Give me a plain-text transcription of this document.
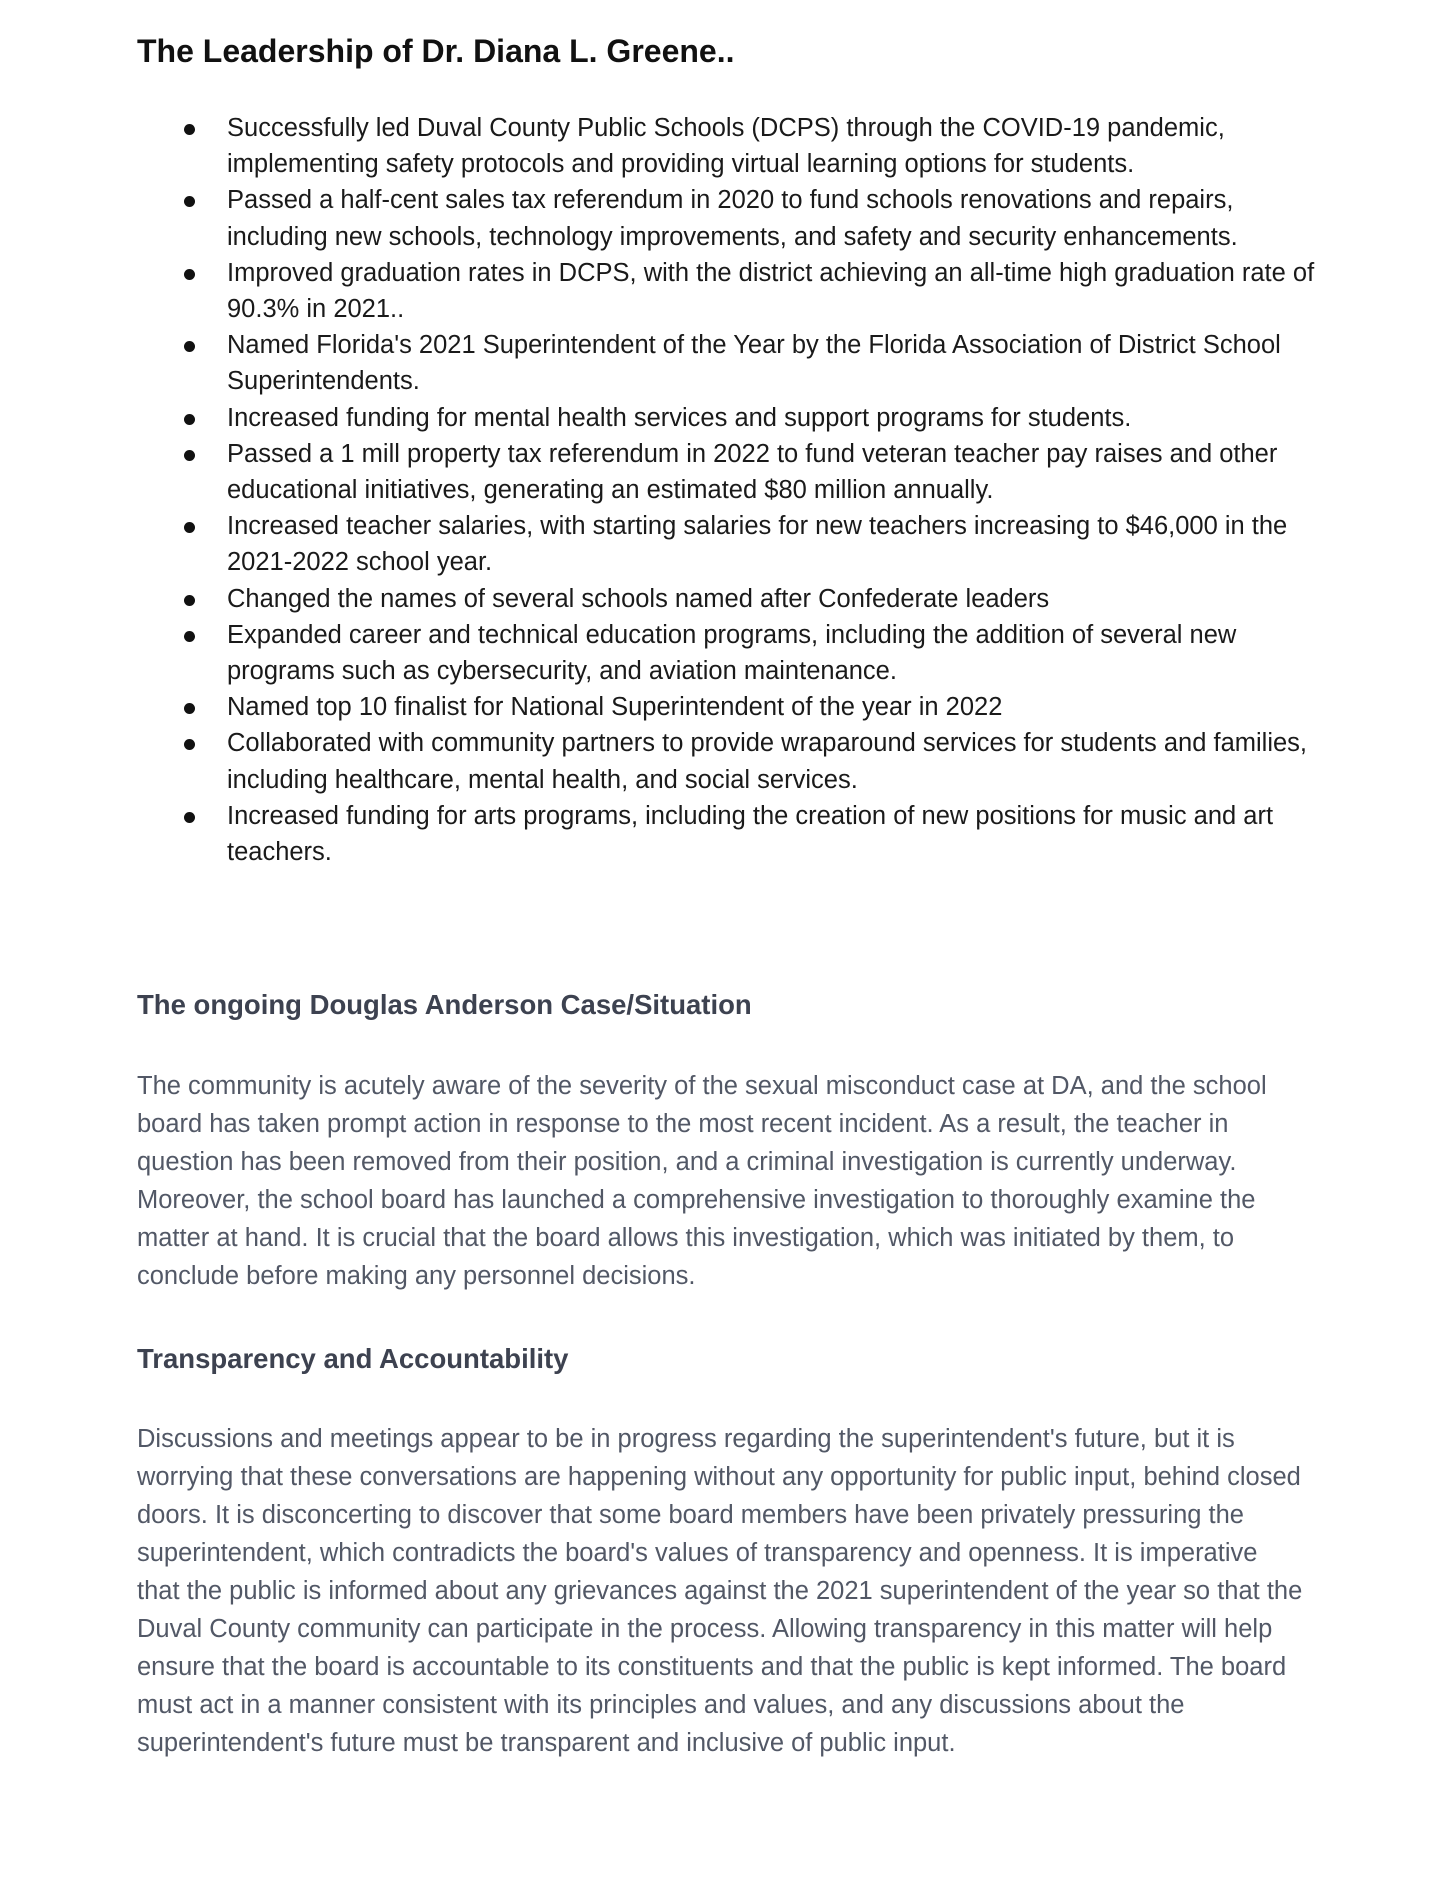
The Leadership of Dr. Diana L. Greene..
Successfully led Duval County Public Schools (DCPS) through the COVID-19 pandemic, implementing safety protocols and providing virtual learning options for students.
Passed a half-cent sales tax referendum in 2020 to fund schools renovations and repairs, including new schools, technology improvements, and safety and security enhancements.
Improved graduation rates in DCPS, with the district achieving an all-time high graduation rate of 90.3% in 2021..
Named Florida's 2021 Superintendent of the Year by the Florida Association of District School Superintendents.
Increased funding for mental health services and support programs for students.
Passed a 1 mill property tax referendum in 2022 to fund veteran teacher pay raises and other educational initiatives, generating an estimated $80 million annually.
Increased teacher salaries, with starting salaries for new teachers increasing to $46,000 in the 2021-2022 school year.
Changed the names of several schools named after Confederate leaders
Expanded career and technical education programs, including the addition of several new programs such as cybersecurity, and aviation maintenance.
Named top 10 finalist for National Superintendent of the year in 2022
Collaborated with community partners to provide wraparound services for students and families, including healthcare, mental health, and social services.
Increased funding for arts programs, including the creation of new positions for music and art teachers.
The ongoing Douglas Anderson Case/Situation

The community is acutely aware of the severity of the sexual misconduct case at DA, and the school board has taken prompt action in response to the most recent incident. As a result, the teacher in question has been removed from their position, and a criminal investigation is currently underway. Moreover, the school board has launched a comprehensive investigation to thoroughly examine the matter at hand. It is crucial that the board allows this investigation, which was initiated by them, to conclude before making any personnel decisions.

Transparency and Accountability

Discussions and meetings appear to be in progress regarding the superintendent's future, but it is worrying that these conversations are happening without any opportunity for public input, behind closed doors. It is disconcerting to discover that some board members have been privately pressuring the superintendent, which contradicts the board's values of transparency and openness. It is imperative that the public is informed about any grievances against the 2021 superintendent of the year so that the Duval County community can participate in the process. Allowing transparency in this matter will help ensure that the board is accountable to its constituents and that the public is kept informed. The board must act in a manner consistent with its principles and values, and any discussions about the superintendent's future must be transparent and inclusive of public input.
